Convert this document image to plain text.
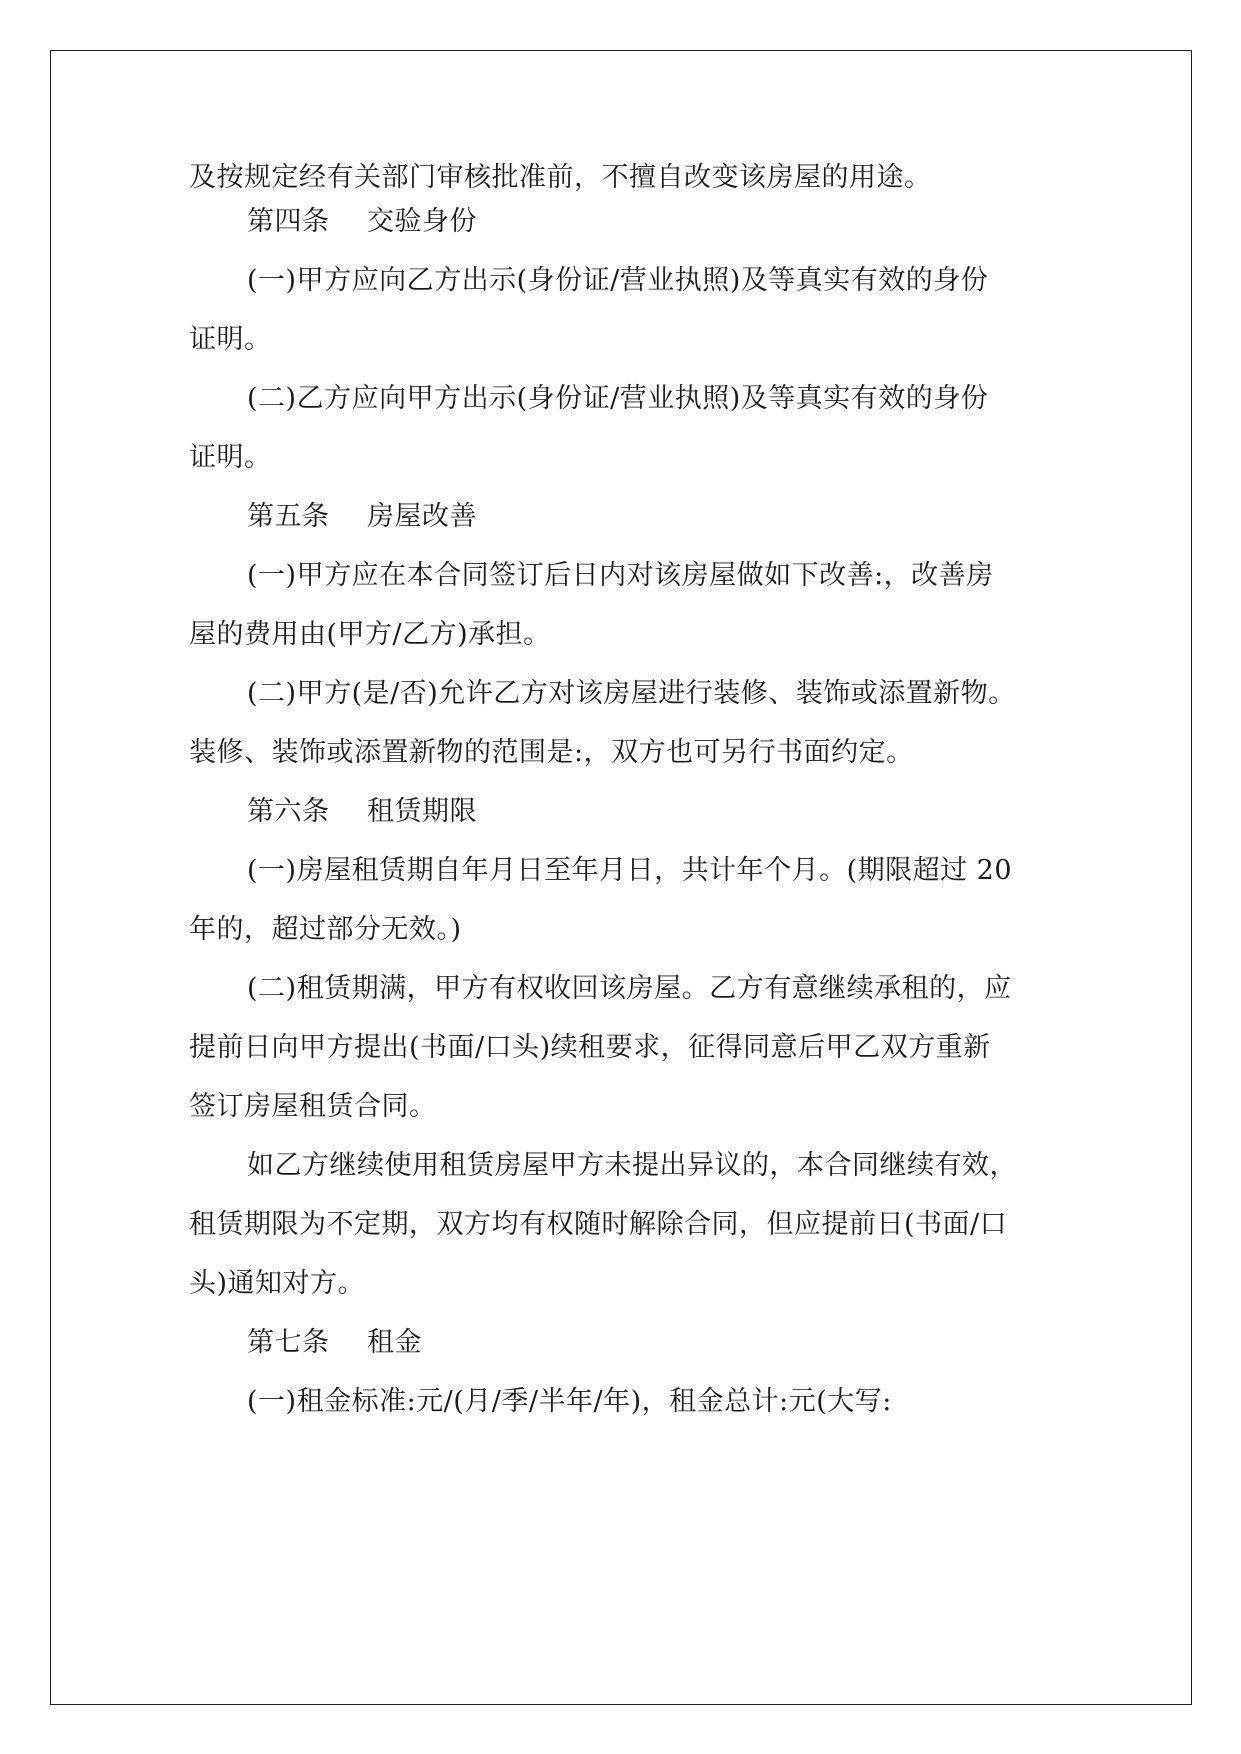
及按规定经有关部门审核批准前，不擅自改变该房屋的用途。
第四条 交验身份
(一)甲方应向乙方出示(身份证/营业执照)及等真实有效的身份
证明。
(二)乙方应向甲方出示(身份证/营业执照)及等真实有效的身份
证明。
第五条 房屋改善
(一)甲方应在本合同签订后日内对该房屋做如下改善:，改善房
屋的费用由(甲方/乙方)承担。
(二)甲方(是/否)允许乙方对该房屋进行装修、装饰或添置新物。
装修、装饰或添置新物的范围是:，双方也可另行书面约定。
第六条 租赁期限
(一)房屋租赁期自年月日至年月日，共计年个月。(期限超过 20
年的，超过部分无效。)
(二)租赁期满，甲方有权收回该房屋。乙方有意继续承租的，应
提前日向甲方提出(书面/口头)续租要求，征得同意后甲乙双方重新
签订房屋租赁合同。
如乙方继续使用租赁房屋甲方未提出异议的，本合同继续有效，
租赁期限为不定期，双方均有权随时解除合同，但应提前日(书面/口
头)通知对方。
第七条 租金
(一)租金标准:元/(月/季/半年/年)，租金总计:元(大写:
